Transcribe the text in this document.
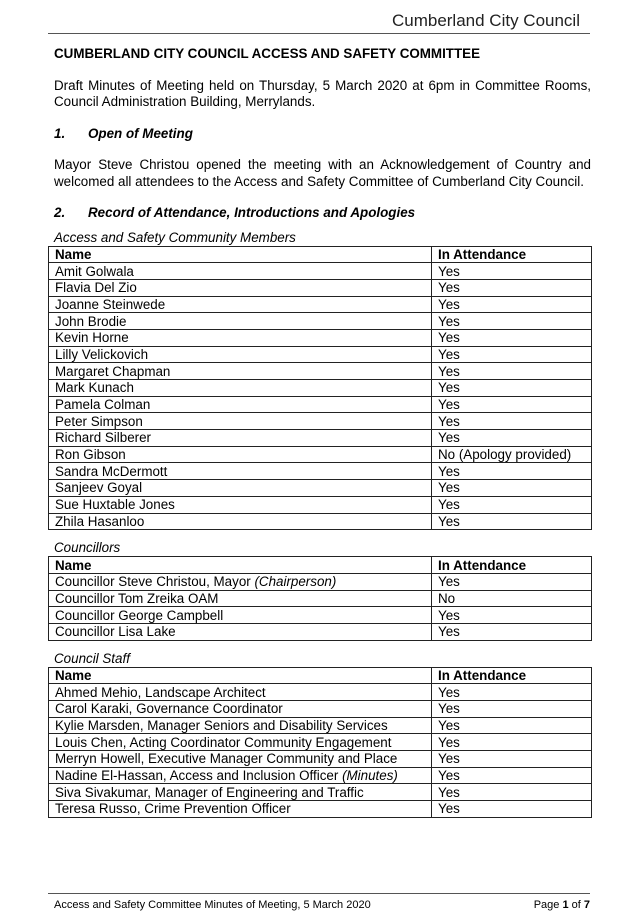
Cumberland City Council
CUMBERLAND CITY COUNCIL ACCESS AND SAFETY COMMITTEE
Draft Minutes of Meeting held on Thursday, 5 March 2020 at 6pm in Committee Rooms, Council Administration Building, Merrylands.
1. Open of Meeting
Mayor Steve Christou opened the meeting with an Acknowledgement of Country and welcomed all attendees to the Access and Safety Committee of Cumberland City Council.
2. Record of Attendance, Introductions and Apologies
Access and Safety Community Members
Name	In Attendance
Amit Golwala	Yes
Flavia Del Zio	Yes
Joanne Steinwede	Yes
John Brodie	Yes
Kevin Horne	Yes
Lilly Velickovich	Yes
Margaret Chapman	Yes
Mark Kunach	Yes
Pamela Colman	Yes
Peter Simpson	Yes
Richard Silberer	Yes
Ron Gibson	No (Apology provided)
Sandra McDermott	Yes
Sanjeev Goyal	Yes
Sue Huxtable Jones	Yes
Zhila Hasanloo	Yes
Councillors
Name	In Attendance
Councillor Steve Christou, Mayor (Chairperson)	Yes
Councillor Tom Zreika OAM	No
Councillor George Campbell	Yes
Councillor Lisa Lake	Yes
Council Staff
Name	In Attendance
Ahmed Mehio, Landscape Architect	Yes
Carol Karaki, Governance Coordinator	Yes
Kylie Marsden, Manager Seniors and Disability Services	Yes
Louis Chen, Acting Coordinator Community Engagement	Yes
Merryn Howell, Executive Manager Community and Place	Yes
Nadine El-Hassan, Access and Inclusion Officer (Minutes)	Yes
Siva Sivakumar, Manager of Engineering and Traffic	Yes
Teresa Russo, Crime Prevention Officer	Yes
Access and Safety Committee Minutes of Meeting, 5 March 2020	Page 1 of 7
